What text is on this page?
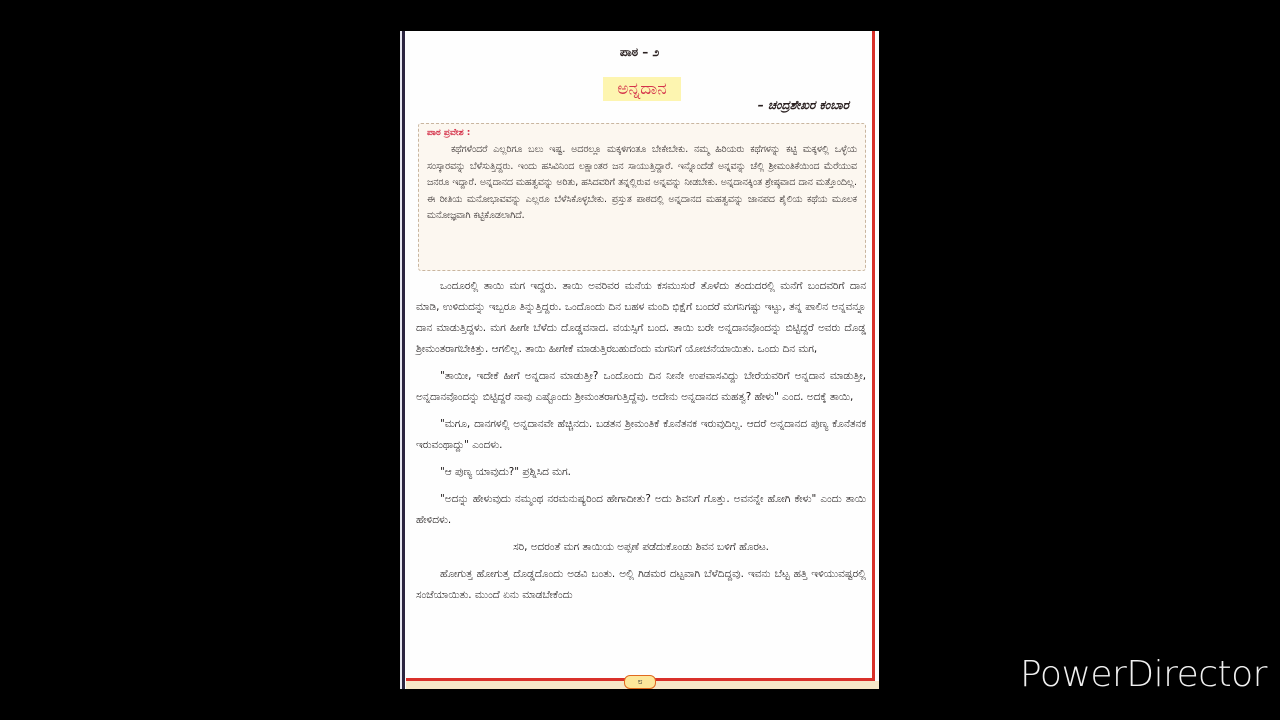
ಪಾಠ – ೨
ಅನ್ನದಾನ
– ಚಂದ್ರಶೇಖರ ಕಂಬಾರ
ಪಾಠ ಪ್ರವೇಶ :
ಕಥೆಗಳೆಂದರೆ ಎಲ್ಲರಿಗೂ ಬಲು ಇಷ್ಟ. ಅದರಲ್ಲೂ ಮಕ್ಕಳಿಗಂತೂ ಬೇಕೇಬೇಕು. ನಮ್ಮ ಹಿರಿಯರು ಕಥೆಗಳನ್ನು ಕಟ್ಟಿ ಮಕ್ಕಳಲ್ಲಿ ಒಳ್ಳೆಯ ಸಂಸ್ಕಾರವನ್ನು ಬೆಳೆಸುತ್ತಿದ್ದರು. ಇಂದು ಹಸಿವಿನಿಂದ ಲಕ್ಷಾಂತರ ಜನ ಸಾಯುತ್ತಿದ್ದಾರೆ. ಇನ್ನೊಂದೆಡೆ ಅನ್ನವನ್ನು ಚೆಲ್ಲಿ ಶ್ರೀಮಂತಿಕೆಯಿಂದ ಮೆರೆಯುವ ಜನರೂ ಇದ್ದಾರೆ. ಅನ್ನದಾನದ ಮಹತ್ವವನ್ನು ಅರಿತು, ಹಸಿದವರಿಗೆ ತನ್ನಲ್ಲಿರುವ ಅನ್ನವನ್ನು ನೀಡಬೇಕು. ಅನ್ನದಾನಕ್ಕಿಂತ ಶ್ರೇಷ್ಠವಾದ ದಾನ ಮತ್ತೊಂದಿಲ್ಲ. ಈ ರೀತಿಯ ಮನೋಭಾವವನ್ನು ಎಲ್ಲರೂ ಬೆಳೆಸಿಕೊಳ್ಳಬೇಕು. ಪ್ರಸ್ತುತ ಪಾಠದಲ್ಲಿ ಅನ್ನದಾನದ ಮಹತ್ವವನ್ನು ಜಾನಪದ ಶೈಲಿಯ ಕಥೆಯ ಮೂಲಕ ಮನೋಜ್ಞವಾಗಿ ಕಟ್ಟಿಕೊಡಲಾಗಿದೆ.

ಒಂದೂರಲ್ಲಿ ತಾಯಿ ಮಗ ಇದ್ದರು. ತಾಯಿ ಅವರಿವರ ಮನೆಯ ಕಸಮುಸುರೆ ತೊಳೆದು ತಂದುದರಲ್ಲಿ ಮನೆಗೆ ಬಂದವರಿಗೆ ದಾನ ಮಾಡಿ, ಉಳಿದುದನ್ನು ಇಬ್ಬರೂ ತಿನ್ನುತ್ತಿದ್ದರು. ಒಂದೊಂದು ದಿನ ಬಹಳ ಮಂದಿ ಭಿಕ್ಷೆಗೆ ಬಂದರೆ ಮಗನಿಗಷ್ಟು ಇಟ್ಟು, ತನ್ನ ಪಾಲಿನ ಅನ್ನವನ್ನೂ ದಾನ ಮಾಡುತ್ತಿದ್ದಳು. ಮಗ ಹೀಗೇ ಬೆಳೆದು ದೊಡ್ಡವನಾದ. ವಯಸ್ಸಿಗೆ ಬಂದ. ತಾಯಿ ಬರೇ ಅನ್ನದಾನವೊಂದನ್ನು ಬಿಟ್ಟಿದ್ದರೆ ಅವರು ದೊಡ್ಡ ಶ್ರೀಮಂತರಾಗಬೇಕಿತ್ತು. ಆಗಲಿಲ್ಲ. ತಾಯಿ ಹೀಗೇಕೆ ಮಾಡುತ್ತಿರಬಹುದೆಂದು ಮಗನಿಗೆ ಯೋಚನೆಯಾಯಿತು. ಒಂದು ದಿನ ಮಗ,

"ತಾಯೀ, ಇದೇಕೆ ಹೀಗೆ ಅನ್ನದಾನ ಮಾಡುತ್ತೀ? ಒಂದೊಂದು ದಿನ ನೀನೇ ಉಪವಾಸವಿದ್ದು ಬೇರೆಯವರಿಗೆ ಅನ್ನದಾನ ಮಾಡುತ್ತೀ, ಅನ್ನದಾನವೊಂದನ್ನು ಬಿಟ್ಟಿದ್ದರೆ ನಾವು ಎಷ್ಟೊಂದು ಶ್ರೀಮಂತರಾಗುತ್ತಿದ್ದೆವು. ಅದೇನು ಅನ್ನದಾನದ ಮಹತ್ವ? ಹೇಳು" ಎಂದ. ಅದಕ್ಕೆ ತಾಯಿ,

"ಮಗೂ, ದಾನಗಳಲ್ಲಿ ಅನ್ನದಾನವೇ ಹೆಚ್ಚಿನದು. ಬಡತನ ಶ್ರೀಮಂತಿಕೆ ಕೊನೆತನಕ ಇರುವುದಿಲ್ಲ. ಆದರೆ ಅನ್ನದಾನದ ಪುಣ್ಯ ಕೊನೆತನಕ ಇರುವಂಥಾದ್ದು" ಎಂದಳು.

"ಆ ಪುಣ್ಯ ಯಾವುದು?" ಪ್ರಶ್ನಿಸಿದ ಮಗ.

"ಅದನ್ನು ಹೇಳುವುದು ನಮ್ಮಂಥ ನರಮನುಷ್ಯರಿಂದ ಹೇಗಾದೀತು? ಅದು ಶಿವನಿಗೆ ಗೊತ್ತು. ಅವನನ್ನೇ ಹೋಗಿ ಕೇಳು" ಎಂದು ತಾಯಿ ಹೇಳಿದಳು.

ಸರಿ, ಅದರಂತೆ ಮಗ ತಾಯಿಯ ಅಪ್ಪಣೆ ಪಡೆದುಕೊಂಡು ಶಿವನ ಬಳಿಗೆ ಹೊರಟ.

ಹೋಗುತ್ತ ಹೋಗುತ್ತ ದೊಡ್ಡದೊಂದು ಅಡವಿ ಬಂತು. ಅಲ್ಲಿ ಗಿಡಮರ ದಟ್ಟವಾಗಿ ಬೆಳೆದಿದ್ದವು. ಇವನು ಬೆಟ್ಟ ಹತ್ತಿ ಇಳಿಯುವಷ್ಟರಲ್ಲಿ ಸಂಜೆಯಾಯಿತು. ಮುಂದೆ ಏನು ಮಾಡಬೇಕೆಂದು

೮	PowerDirector
